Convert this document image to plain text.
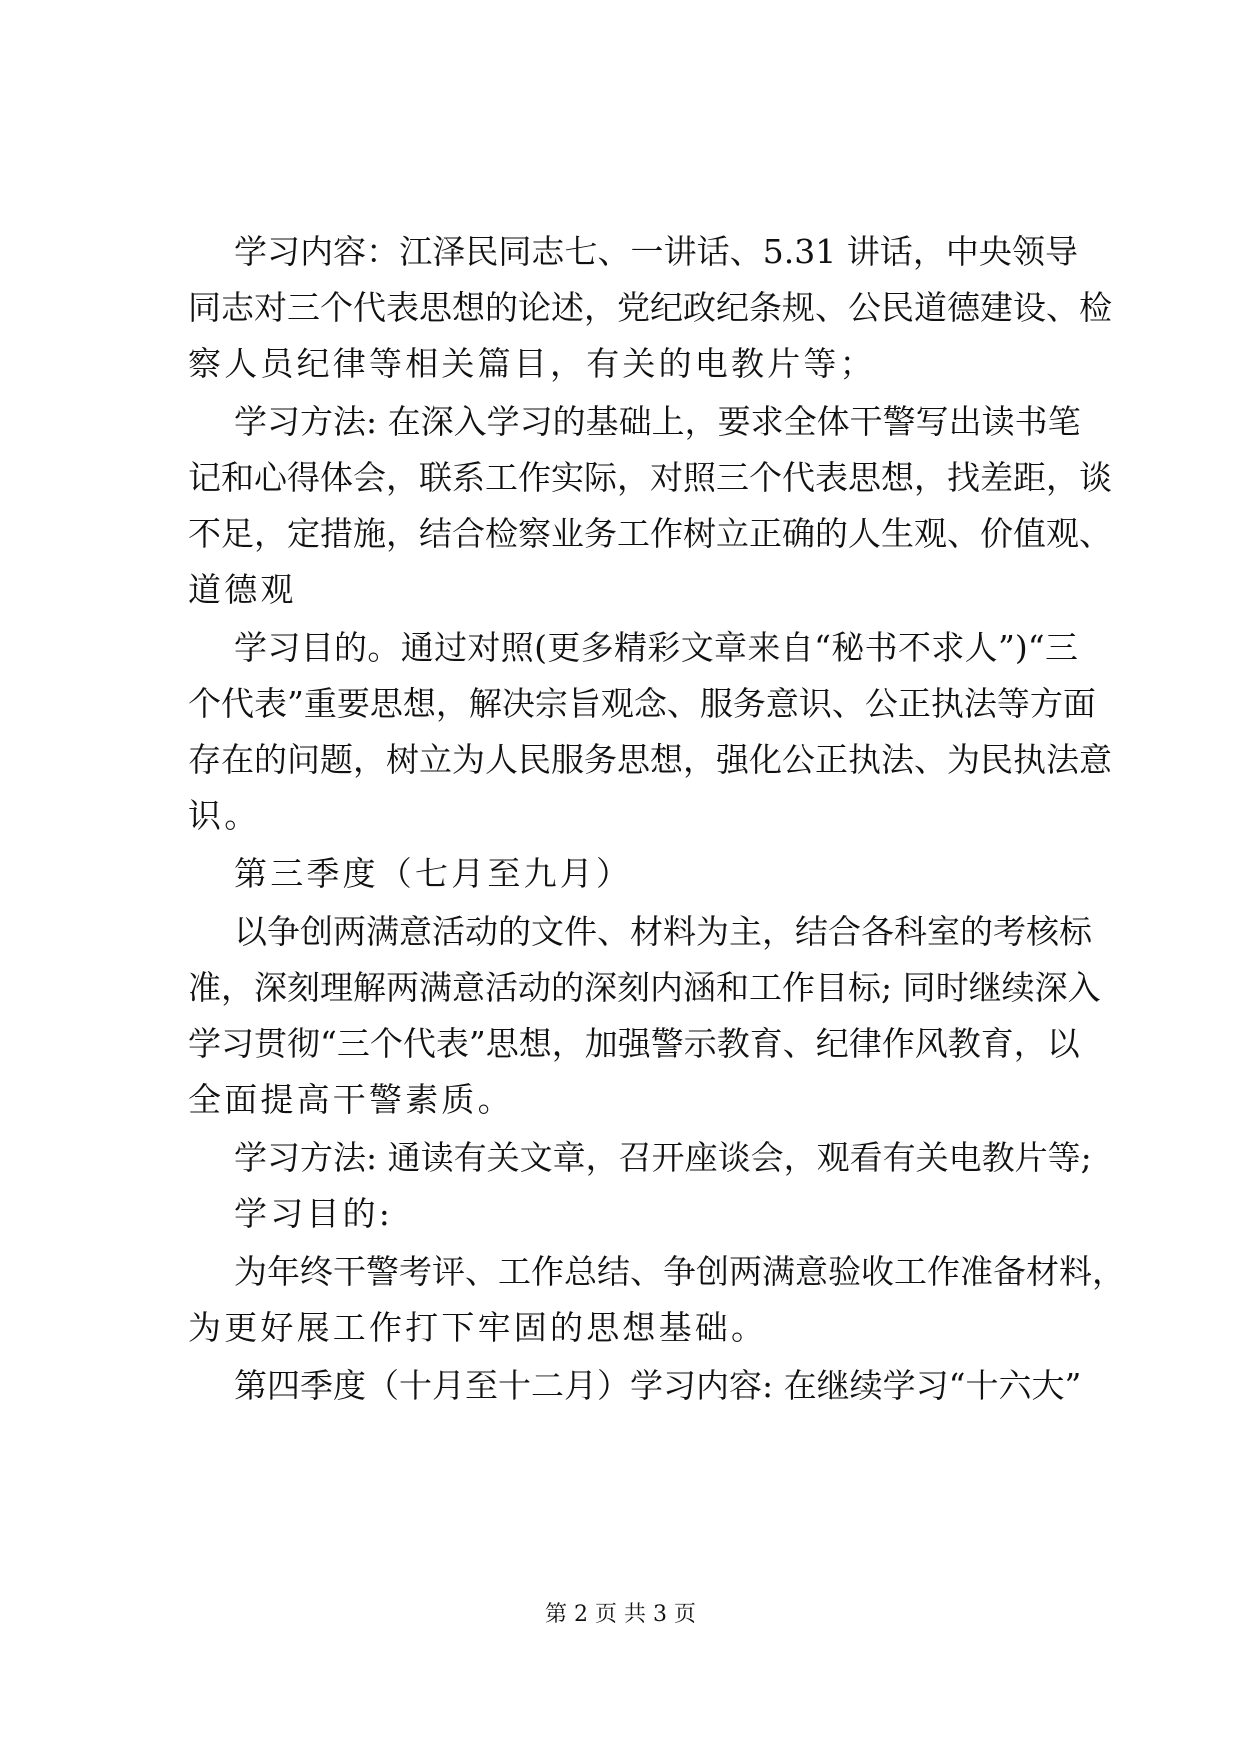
学习内容：江泽民同志七、一讲话、5.31 讲话，中央领导
同志对三个代表思想的论述，党纪政纪条规、公民道德建设、检
察人员纪律等相关篇目，有关的电教片等；
学习方法: 在深入学习的基础上，要求全体干警写出读书笔
记和心得体会，联系工作实际，对照三个代表思想，找差距，谈
不足，定措施，结合检察业务工作树立正确的人生观、价值观、
道德观
学习目的。通过对照(更多精彩文章来自“秘书不求人”)“三
个代表”重要思想，解决宗旨观念、服务意识、公正执法等方面
存在的问题，树立为人民服务思想，强化公正执法、为民执法意
识。
第三季度（七月至九月）
以争创两满意活动的文件、材料为主，结合各科室的考核标
准，深刻理解两满意活动的深刻内涵和工作目标; 同时继续深入
学习贯彻“三个代表”思想，加强警示教育、纪律作风教育，以
全面提高干警素质。
学习方法: 通读有关文章，召开座谈会，观看有关电教片等;
学习目的:
为年终干警考评、工作总结、争创两满意验收工作准备材料，
为更好展工作打下牢固的思想基础。
第四季度（十月至十二月）学习内容: 在继续学习“十六大”
第 2 页 共 3 页
